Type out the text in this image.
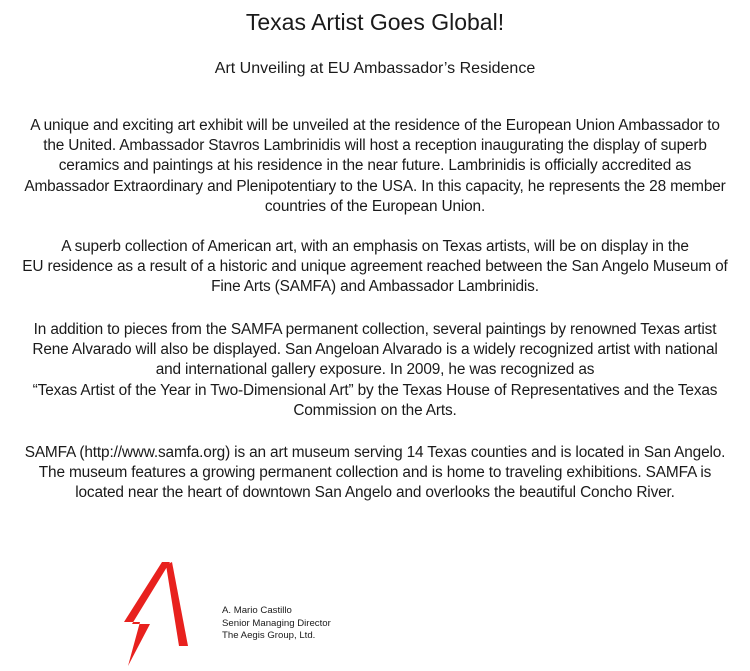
Texas Artist Goes Global!
Art Unveiling at EU Ambassador’s Residence

A unique and exciting art exhibit will be unveiled at the residence of the European Union Ambassador to
the United. Ambassador Stavros Lambrinidis will host a reception inaugurating the display of superb
ceramics and paintings at his residence in the near future. Lambrinidis is officially accredited as
Ambassador Extraordinary and Plenipotentiary to the USA. In this capacity, he represents the 28 member
countries of the European Union.

A superb collection of American art, with an emphasis on Texas artists, will be on display in the
EU residence as a result of a historic and unique agreement reached between the San Angelo Museum of
Fine Arts (SAMFA) and Ambassador Lambrinidis.

In addition to pieces from the SAMFA permanent collection, several paintings by renowned Texas artist
Rene Alvarado will also be displayed. San Angeloan Alvarado is a widely recognized artist with national
and international gallery exposure. In 2009, he was recognized as
“Texas Artist of the Year in Two-Dimensional Art” by the Texas House of Representatives and the Texas
Commission on the Arts.

SAMFA (http://www.samfa.org) is an art museum serving 14 Texas counties and is located in San Angelo.
The museum features a growing permanent collection and is home to traveling exhibitions. SAMFA is
located near the heart of downtown San Angelo and overlooks the beautiful Concho River.

A. Mario Castillo
Senior Managing Director
The Aegis Group, Ltd.
